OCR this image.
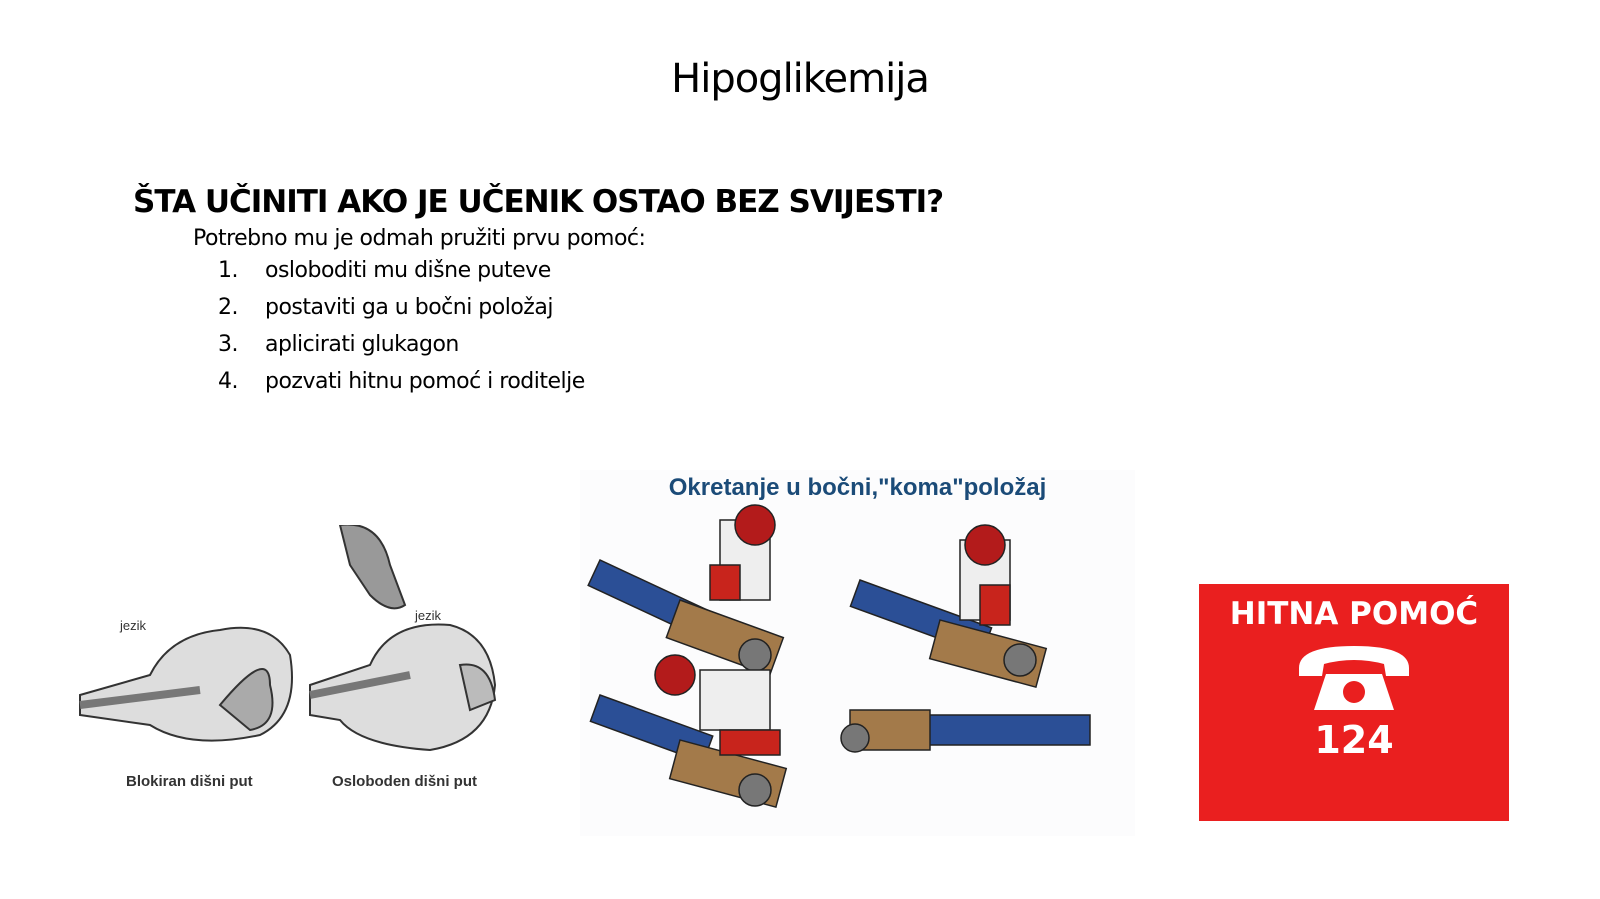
Hipoglikemija
ŠTA UČINITI AKO JE UČENIK OSTAO BEZ SVIJESTI?
Potrebno mu je odmah pružiti prvu pomoć:
1.	osloboditi mu dišne puteve
2.	postaviti ga u bočni položaj
3.	aplicirati glukagon
4.	pozvati hitnu pomoć i roditelje
jezik
jezik
Blokiran dišni put	Osloboden dišni put
Okretanje u bočni,"koma"položaj
HITNA POMOĆ
124
